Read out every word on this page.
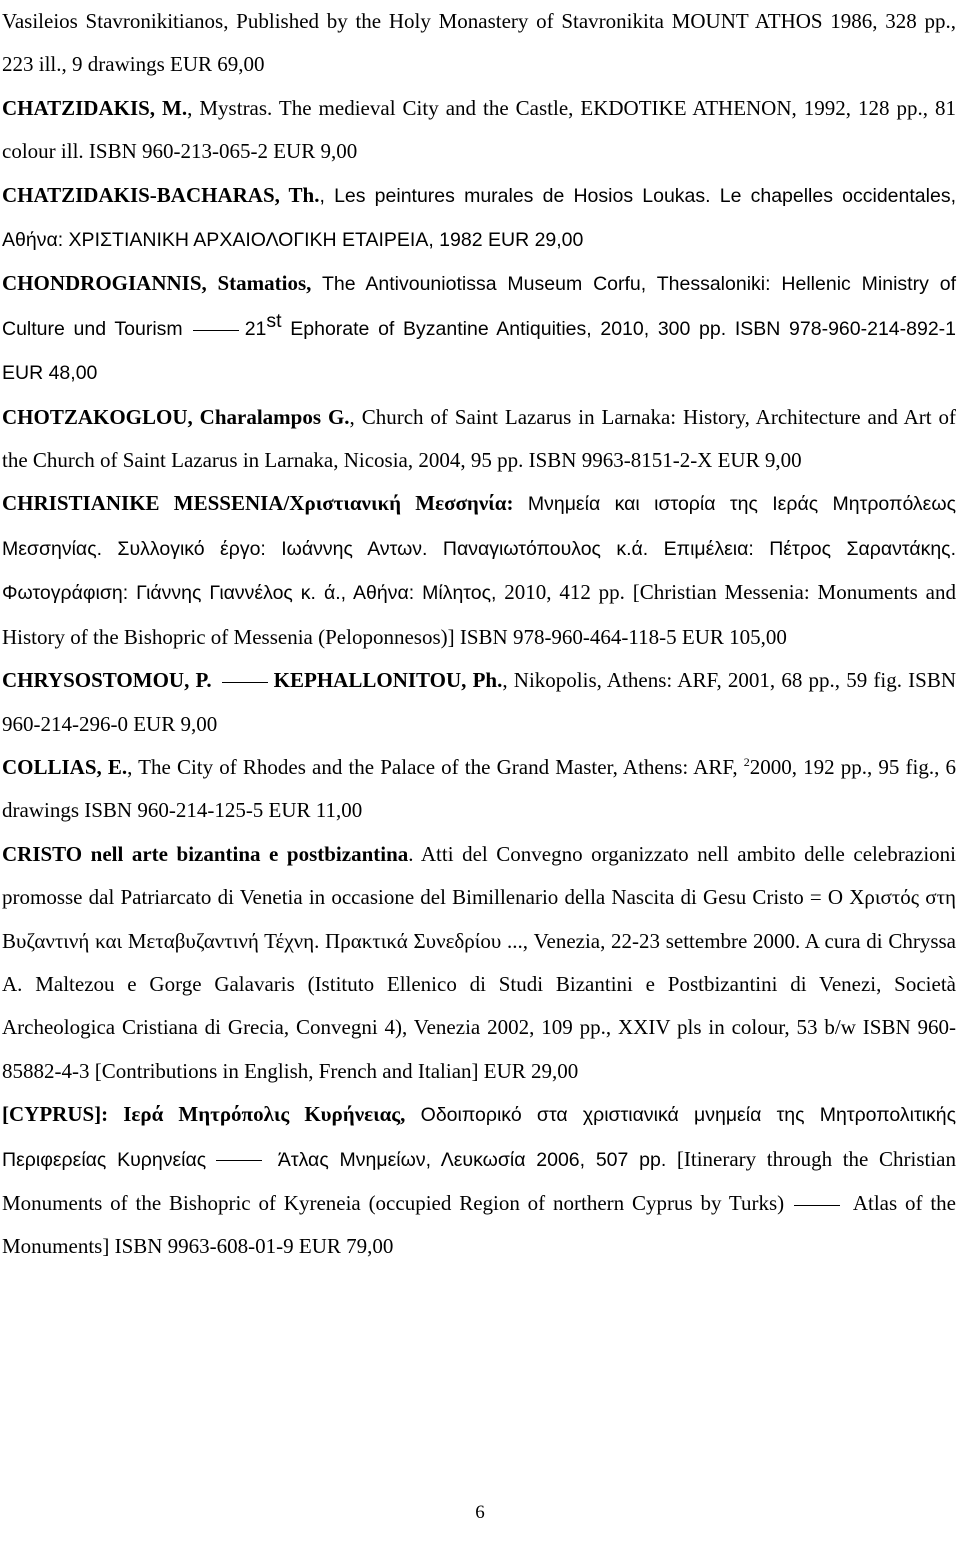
Vasileios Stavronikitianos, Published by the Holy Monastery of Stavronikita MOUNT ATHOS 1986, 328 pp., 223 ill., 9 drawings EUR 69,00

CHATZIDAKIS, M., Mystras. The medieval City and the Castle, EKDOTIKE ATHENON, 1992, 128 pp., 81 colour ill. ISBN 960-213-065-2 EUR 9,00

CHATZIDAKIS-BACHARAS, Th., Les peintures murales de Hosios Loukas. Le chapelles occidentales, Αθήνα: ΧΡΙΣΤΙΑΝΙΚΗ ΑΡΧΑΙΟΛΟΓΙΚΗ ΕΤΑΙΡΕΙΑ, 1982 EUR 29,00

CHONDROGIANNIS, Stamatios, The Antivouniotissa Museum Corfu, Thessaloniki: Hellenic Ministry of Culture und Tourism	21st Ephorate of Byzantine Antiquities, 2010, 300 pp. ISBN 978-960-214-892-1 EUR 48,00

CHOTZAKOGLOU, Charalampos G., Church of Saint Lazarus in Larnaka: History, Architecture and Art of the Church of Saint Lazarus in Larnaka, Nicosia, 2004, 95 pp. ISBN 9963-8151-2-X EUR 9,00

CHRISTIANIKE MESSENIA/Χριστιανική Μεσσηνία: Μνημεία και ιστορία της Ιεράς Μητροπόλεως Μεσσηνίας. Συλλογικό έργο: Ιωάννης Αντων. Παναγιωτόπουλος κ.ά. Επιμέλεια: Πέτρος Σαραντάκης. Φωτογράφιση: Γιάννης Γιαννέλος κ. ά., Αθήνα: Μίλητος, 2010, 412 pp. [Christian Messenia: Monuments and History of the Bishopric of Messenia (Peloponnesos)] ISBN 978-960-464-118-5 EUR 105,00

CHRYSOSTOMOU, P.	KEPHALLONITOU, Ph., Nikopolis, Athens: ARF, 2001, 68 pp., 59 fig. ISBN 960-214-296-0 EUR 9,00

COLLIAS, E., The City of Rhodes and the Palace of the Grand Master, Athens: ARF, $^2$2000, 192 pp., 95 fig., 6 drawings ISBN 960-214-125-5 EUR 11,00

CRISTO nell arte bizantina e postbizantina. Atti del Convegno organizzato nell ambito delle celebrazioni promosse dal Patriarcato di Venetia in occasione del Bimillenario della Nascita di Gesu Cristo = Ο Χριστός στη Βυζαντινή και Μεταβυζαντινή Τέχνη. Πρακτικά Συνεδρίου ..., Venezia, 22-23 settembre 2000. A cura di Chryssa A. Maltezou e Gorge Galavaris (Istituto Ellenico di Studi Bizantini e Postbizantini di Venezi, Società Archeologica Cristiana di Grecia, Convegni 4), Venezia 2002, 109 pp., XXIV pls in colour, 53 b/w ISBN 960-85882-4-3 [Contributions in English, French and Italian] EUR 29,00

[CYPRUS]: Ιερά Μητρόπολις Κυρήνειας, Οδοιπορικό στα χριστιανικά μνημεία της Μητροπολιτικής Περιφερείας Κυρηνείας	Άτλας Μνημείων, Λευκωσία 2006, 507 pp. [Itinerary through the Christian Monuments of the Bishopric of Kyreneia (occupied Region of northern Cyprus by Turks)	Atlas of the Monuments] ISBN 9963-608-01-9 EUR 79,00

6
